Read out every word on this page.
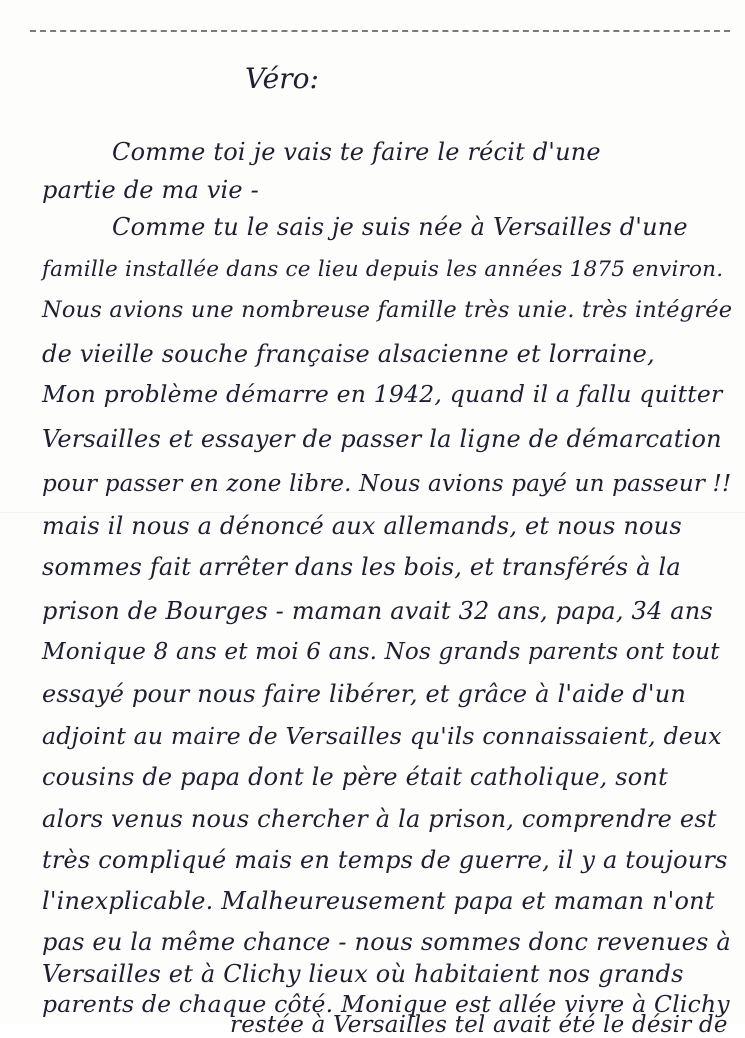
Véro:
Comme toi je vais te faire le récit d'une
partie de ma vie -
Comme tu le sais je suis née à Versailles d'une
famille installée dans ce lieu depuis les années 1875 environ.
Nous avions une nombreuse famille très unie. très intégrée
de vieille souche française alsacienne et lorraine,
Mon problème démarre en 1942, quand il a fallu quitter
Versailles et essayer de passer la ligne de démarcation
pour passer en zone libre. Nous avions payé un passeur !!
mais il nous a dénoncé aux allemands, et nous nous
sommes fait arrêter dans les bois, et transférés à la
prison de Bourges - maman avait 32 ans, papa, 34 ans
Monique 8 ans et moi 6 ans. Nos grands parents ont tout
essayé pour nous faire libérer, et grâce à l'aide d'un
adjoint au maire de Versailles qu'ils connaissaient, deux
cousins de papa dont le père était catholique, sont
alors venus nous chercher à la prison, comprendre est
très compliqué mais en temps de guerre, il y a toujours
l'inexplicable. Malheureusement papa et maman n'ont
pas eu la même chance - nous sommes donc revenues à
Versailles et à Clichy lieux où habitaient nos grands
parents de chaque côté. Monique est allée vivre à Clichy
restée à Versailles tel avait été le désir de
